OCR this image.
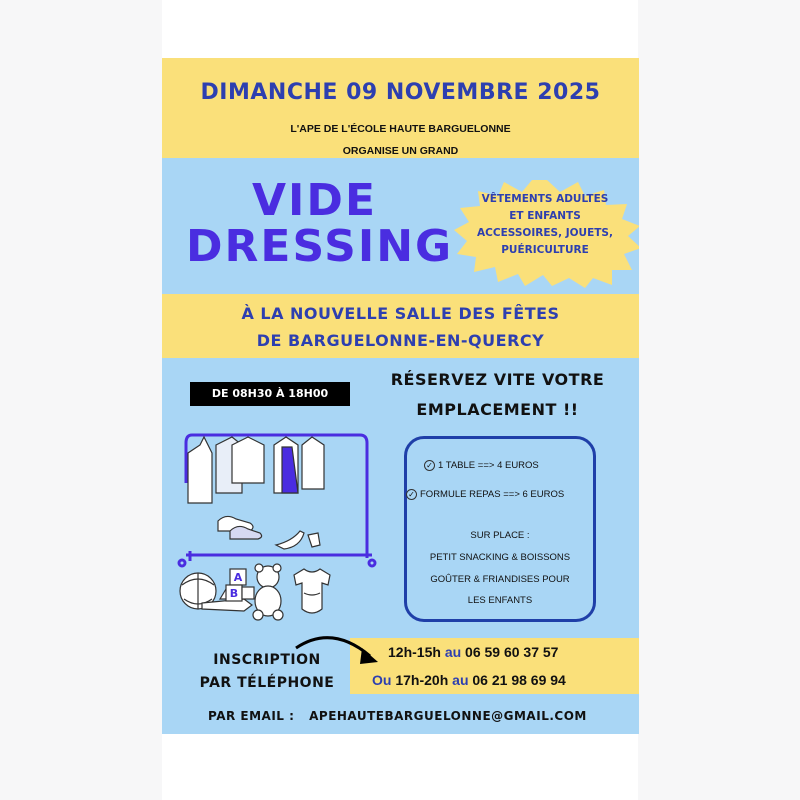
DIMANCHE 09 NOVEMBRE 2025
L'APE DE L'ÉCOLE HAUTE BARGUELONNE
ORGANISE UN GRAND
VIDE
DRESSING
VÊTEMENTS ADULTES
ET ENFANTS
ACCESSOIRES, JOUETS,
PUÉRICULTURE
À LA NOUVELLE SALLE DES FÊTES
DE BARGUELONNE-EN-QUERCY
DE 08H30 À 18H00
RÉSERVEZ VITE VOTRE
EMPLACEMENT !!
A
B
✓ 1 TABLE ==> 4 EUROS
✓ FORMULE REPAS ==> 6 EUROS
SUR PLACE :
PETIT SNACKING & BOISSONS
GOÛTER & FRIANDISES POUR
LES ENFANTS
INSCRIPTION
PAR TÉLÉPHONE
12h-15h au 06 59 60 37 57
Ou 17h-20h au 06 21 98 69 94
PAR EMAIL : APEHAUTEBARGUELONNE@GMAIL.COM
